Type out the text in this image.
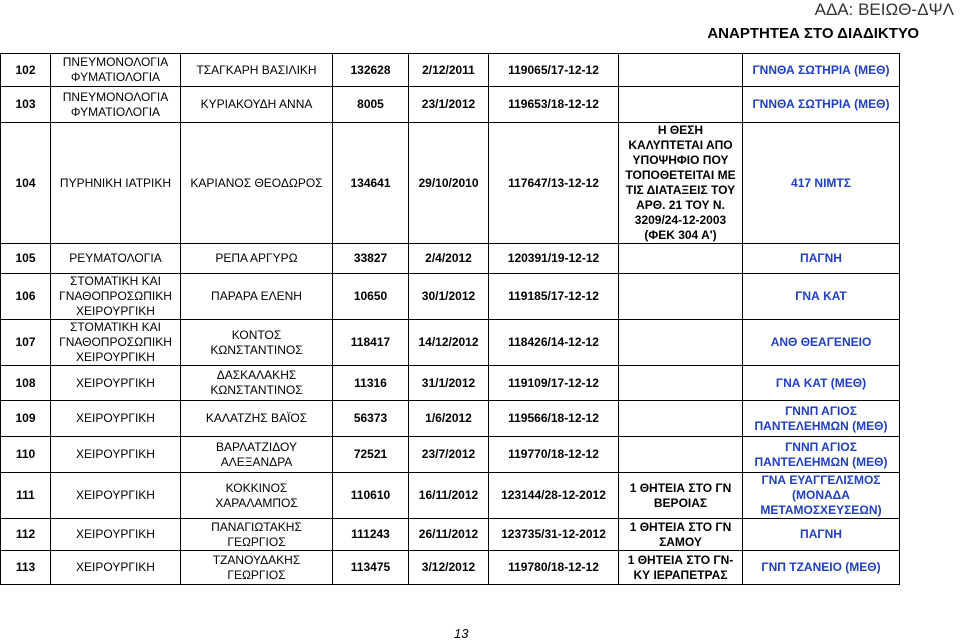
ΑΔΑ: ΒΕΙΩΘ-ΔΨΛ
ΑΝΑΡΤΗΤΕΑ ΣΤΟ ΔΙΑΔΙΚΤΥΟ
102	ΠΝΕΥΜΟΝΟΛΟΓΙΑ ΦΥΜΑΤΙΟΛΟΓΙΑ	ΤΣΑΓΚΑΡΗ ΒΑΣΙΛΙΚΗ	132628	2/12/2011	119065/17-12-12		ΓΝΝΘΑ ΣΩΤΗΡΙΑ (ΜΕΘ)
103	ΠΝΕΥΜΟΝΟΛΟΓΙΑ ΦΥΜΑΤΙΟΛΟΓΙΑ	ΚΥΡΙΑΚΟΥΔΗ ΑΝΝΑ	8005	23/1/2012	119653/18-12-12		ΓΝΝΘΑ ΣΩΤΗΡΙΑ (ΜΕΘ)
104	ΠΥΡΗΝΙΚΗ ΙΑΤΡΙΚΗ	ΚΑΡΙΑΝΟΣ ΘΕΟΔΩΡΟΣ	134641	29/10/2010	117647/13-12-12	Η ΘΕΣΗ ΚΑΛΥΠΤΕΤΑΙ ΑΠΟ ΥΠΟΨΗΦΙΟ ΠΟΥ ΤΟΠΟΘΕΤΕΙΤΑΙ ΜΕ ΤΙΣ ΔΙΑΤΑΞΕΙΣ ΤΟΥ ΑΡΘ. 21 ΤΟΥ Ν. 3209/24-12-2003 (ΦΕΚ 304 Α')	417 ΝΙΜΤΣ
105	ΡΕΥΜΑΤΟΛΟΓΙΑ	ΡΕΠΑ ΑΡΓΥΡΩ	33827	2/4/2012	120391/19-12-12		ΠΑΓΝΗ
106	ΣΤΟΜΑΤΙΚΗ ΚΑΙ ΓΝΑΘΟΠΡΟΣΩΠΙΚΗ ΧΕΙΡΟΥΡΓΙΚΗ	ΠΑΡΑΡΑ ΕΛΕΝΗ	10650	30/1/2012	119185/17-12-12		ΓΝΑ ΚΑΤ
107	ΣΤΟΜΑΤΙΚΗ ΚΑΙ ΓΝΑΘΟΠΡΟΣΩΠΙΚΗ ΧΕΙΡΟΥΡΓΙΚΗ	ΚΟΝΤΟΣ ΚΩΝΣΤΑΝΤΙΝΟΣ	118417	14/12/2012	118426/14-12-12		ΑΝΘ ΘΕΑΓΕΝΕΙΟ
108	ΧΕΙΡΟΥΡΓΙΚΗ	ΔΑΣΚΑΛΑΚΗΣ ΚΩΝΣΤΑΝΤΙΝΟΣ	11316	31/1/2012	119109/17-12-12		ΓΝΑ ΚΑΤ (ΜΕΘ)
109	ΧΕΙΡΟΥΡΓΙΚΗ	ΚΑΛΑΤΖΗΣ ΒΑΪΟΣ	56373	1/6/2012	119566/18-12-12		ΓΝΝΠ ΑΓΙΟΣ ΠΑΝΤΕΛΕΗΜΩΝ (ΜΕΘ)
110	ΧΕΙΡΟΥΡΓΙΚΗ	ΒΑΡΛΑΤΖΙΔΟΥ ΑΛΕΞΑΝΔΡΑ	72521	23/7/2012	119770/18-12-12		ΓΝΝΠ ΑΓΙΟΣ ΠΑΝΤΕΛΕΗΜΩΝ (ΜΕΘ)
111	ΧΕΙΡΟΥΡΓΙΚΗ	ΚΟΚΚΙΝΟΣ ΧΑΡΑΛΑΜΠΟΣ	110610	16/11/2012	123144/28-12-2012	1 ΘΗΤΕΙΑ ΣΤΟ ΓΝ ΒΕΡΟΙΑΣ	ΓΝΑ ΕΥΑΓΓΕΛΙΣΜΟΣ (ΜΟΝΑΔΑ ΜΕΤΑΜΟΣΧΕΥΣΕΩΝ)
112	ΧΕΙΡΟΥΡΓΙΚΗ	ΠΑΝΑΓΙΩΤΑΚΗΣ ΓΕΩΡΓΙΟΣ	111243	26/11/2012	123735/31-12-2012	1 ΘΗΤΕΙΑ ΣΤΟ ΓΝ ΣΑΜΟΥ	ΠΑΓΝΗ
113	ΧΕΙΡΟΥΡΓΙΚΗ	ΤΖΑΝΟΥΔΑΚΗΣ ΓΕΩΡΓΙΟΣ	113475	3/12/2012	119780/18-12-12	1 ΘΗΤΕΙΑ ΣΤΟ ΓΝ-ΚΥ ΙΕΡΑΠΕΤΡΑΣ	ΓΝΠ ΤΖΑΝΕΙΟ (ΜΕΘ)
13
